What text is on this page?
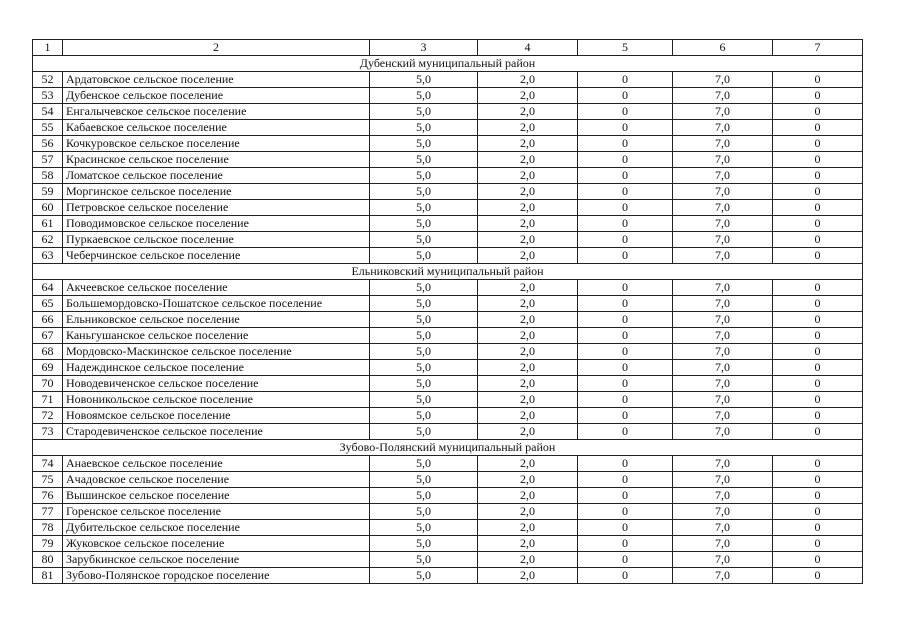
1	2	3	4	5	6	7
Дубенский муниципальный район						
52	Ардатовское сельское поселение	5,0	2,0	0	7,0	0
53	Дубенское сельское поселение	5,0	2,0	0	7,0	0
54	Енгалычевское сельское поселение	5,0	2,0	0	7,0	0
55	Кабаевское сельское поселение	5,0	2,0	0	7,0	0
56	Кочкуровское сельское поселение	5,0	2,0	0	7,0	0
57	Красинское сельское поселение	5,0	2,0	0	7,0	0
58	Ломатское сельское поселение	5,0	2,0	0	7,0	0
59	Моргинское сельское поселение	5,0	2,0	0	7,0	0
60	Петровское сельское поселение	5,0	2,0	0	7,0	0
61	Поводимовское сельское поселение	5,0	2,0	0	7,0	0
62	Пуркаевское сельское поселение	5,0	2,0	0	7,0	0
63	Чеберчинское сельское поселение	5,0	2,0	0	7,0	0
Ельниковский муниципальный район						
64	Акчеевское сельское поселение	5,0	2,0	0	7,0	0
65	Большемордовско-Пошатское сельское поселение	5,0	2,0	0	7,0	0
66	Ельниковское сельское поселение	5,0	2,0	0	7,0	0
67	Каньгушанское сельское поселение	5,0	2,0	0	7,0	0
68	Мордовско-Маскинское сельское поселение	5,0	2,0	0	7,0	0
69	Надеждинское сельское поселение	5,0	2,0	0	7,0	0
70	Новодевиченское сельское поселение	5,0	2,0	0	7,0	0
71	Новоникольское сельское поселение	5,0	2,0	0	7,0	0
72	Новоямское сельское поселение	5,0	2,0	0	7,0	0
73	Стародевиченское сельское поселение	5,0	2,0	0	7,0	0
Зубово-Полянский муниципальный район						
74	Анаевское сельское поселение	5,0	2,0	0	7,0	0
75	Ачадовское сельское поселение	5,0	2,0	0	7,0	0
76	Вышинское сельское поселение	5,0	2,0	0	7,0	0
77	Горенское сельское поселение	5,0	2,0	0	7,0	0
78	Дубительское сельское поселение	5,0	2,0	0	7,0	0
79	Жуковское сельское поселение	5,0	2,0	0	7,0	0
80	Зарубкинское сельское поселение	5,0	2,0	0	7,0	0
81	Зубово-Полянское городское поселение	5,0	2,0	0	7,0	0
